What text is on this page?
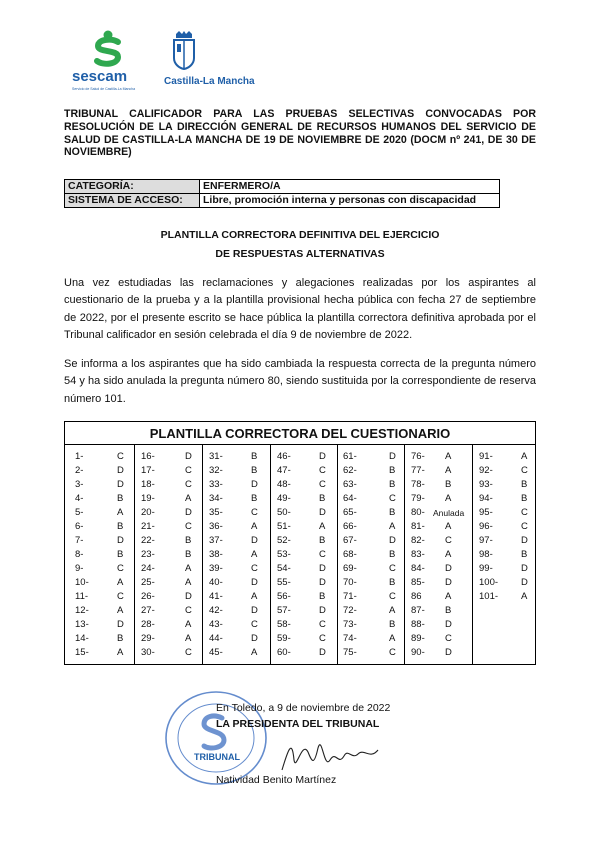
sescam
Servicio de Salud de Castilla-La Mancha
Castilla-La Mancha
TRIBUNAL CALIFICADOR PARA LAS PRUEBAS SELECTIVAS CONVOCADAS POR RESOLUCIÓN DE LA DIRECCIÓN GENERAL DE RECURSOS HUMANOS DEL SERVICIO DE SALUD DE CASTILLA-LA MANCHA DE 19 DE NOVIEMBRE DE 2020 (DOCM nº 241, DE 30 DE NOVIEMBRE)
CATEGORÍA:	ENFERMERO/A
SISTEMA DE ACCESO:	Libre, promoción interna y personas con discapacidad
PLANTILLA CORRECTORA DEFINITIVA DEL EJERCICIO
DE RESPUESTAS ALTERNATIVAS
Una vez estudiadas las reclamaciones y alegaciones realizadas por los aspirantes al cuestionario de la prueba y a la plantilla provisional hecha pública con fecha 27 de septiembre de 2022, por el presente escrito se hace pública la plantilla correctora definitiva aprobada por el Tribunal calificador en sesión celebrada el día 9 de noviembre de 2022.
Se informa a los aspirantes que ha sido cambiada la respuesta correcta de la pregunta número 54 y ha sido anulada la pregunta número 80, siendo sustituida por la correspondiente de reserva número 101.
PLANTILLA CORRECTORA DEL CUESTIONARIO
1-	C
2-	D
3-	D
4-	B
5-	A
6-	B
7-	D
8-	B
9-	C
10-	A
11-	C
12-	A
13-	D
14-	B
15-	A
16-	D
17-	C
18-	C
19-	A
20-	D
21-	C
22-	B
23-	B
24-	A
25-	A
26-	D
27-	C
28-	A
29-	A
30-	C
31-	B
32-	B
33-	D
34-	B
35-	C
36-	A
37-	D
38-	A
39-	C
40-	D
41-	A
42-	D
43-	C
44-	D
45-	A
46-	D
47-	C
48-	C
49-	B
50-	D
51-	A
52-	B
53-	C
54-	D
55-	D
56-	B
57-	D
58-	C
59-	C
60-	D
61-	D
62-	B
63-	B
64-	C
65-	B
66-	A
67-	D
68-	B
69-	C
70-	B
71-	C
72-	A
73-	B
74-	A
75-	C
76- A
77- A
78- B
79- A
80- Anulada
81- A
82- C
83- A
84- D
85- D
86 A
87- B
88- D
89- C
90- D
91-	A
92-	C
93-	B
94-	B
95-	C
96-	C
97-	D
98-	B
99-	D
100- D
101- A
TRIBUNAL
En Toledo, a 9 de noviembre de 2022
LA PRESIDENTA DEL TRIBUNAL
Natividad Benito Martínez
